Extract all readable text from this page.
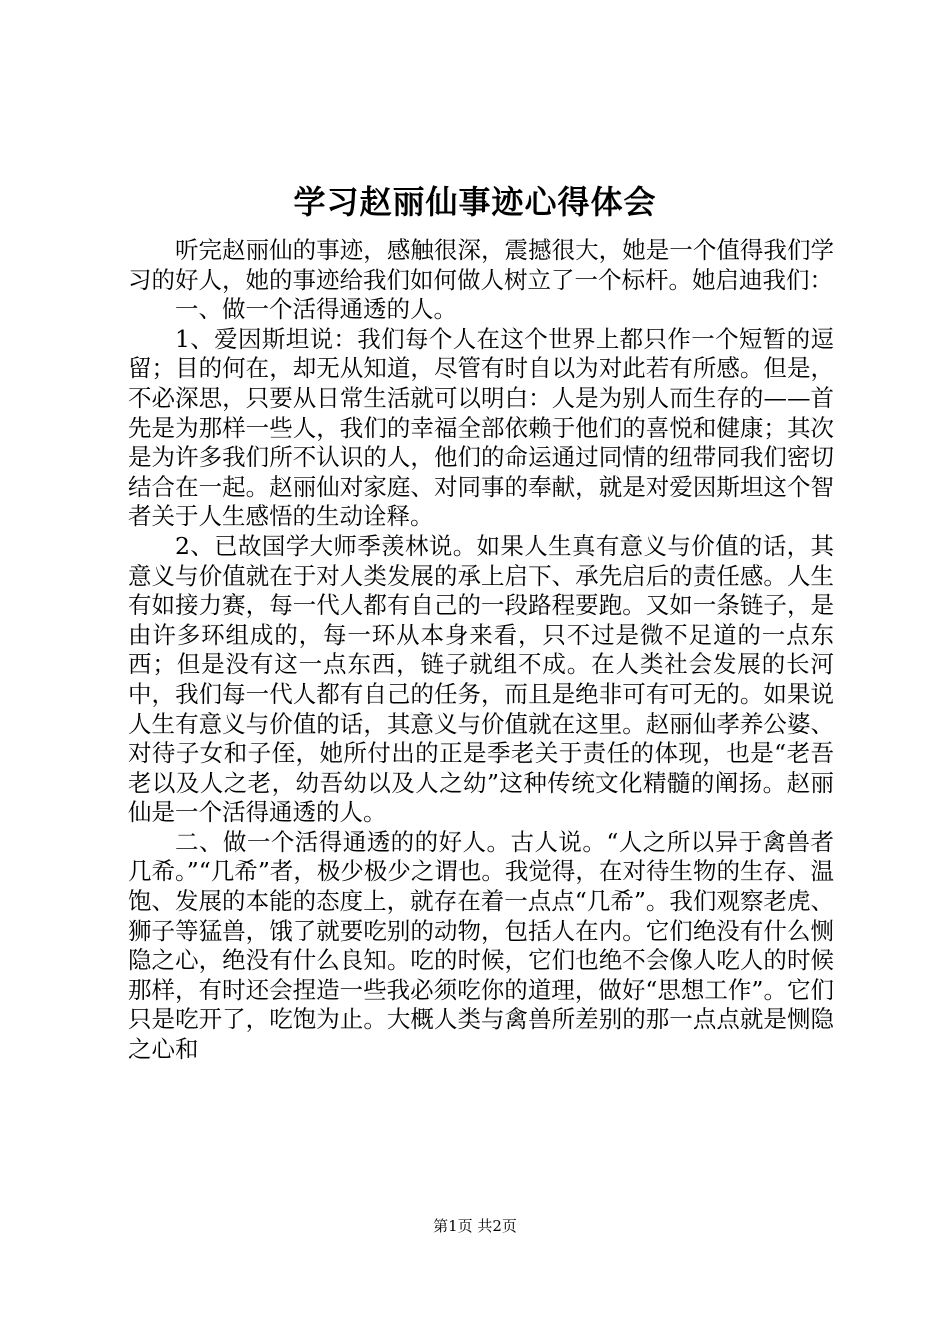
学习赵丽仙事迹心得体会

听完赵丽仙的事迹，感触很深，震撼很大，她是一个值得我们学习的好人，她的事迹给我们如何做人树立了一个标杆。她启迪我们：

一、做一个活得通透的人。

1、爱因斯坦说：我们每个人在这个世界上都只作一个短暂的逗留；目的何在，却无从知道，尽管有时自以为对此若有所感。但是，不必深思，只要从日常生活就可以明白：人是为别人而生存的——首先是为那样一些人，我们的幸福全部依赖于他们的喜悦和健康；其次是为许多我们所不认识的人，他们的命运通过同情的纽带同我们密切结合在一起。赵丽仙对家庭、对同事的奉献，就是对爱因斯坦这个智者关于人生感悟的生动诠释。

2、已故国学大师季羡林说。如果人生真有意义与价值的话，其意义与价值就在于对人类发展的承上启下、承先启后的责任感。人生有如接力赛，每一代人都有自己的一段路程要跑。又如一条链子，是由许多环组成的，每一环从本身来看，只不过是微不足道的一点东西；但是没有这一点东西，链子就组不成。在人类社会发展的长河中，我们每一代人都有自己的任务，而且是绝非可有可无的。如果说人生有意义与价值的话，其意义与价值就在这里。赵丽仙孝养公婆、对待子女和子侄，她所付出的正是季老关于责任的体现，也是“老吾老以及人之老，幼吾幼以及人之幼”这种传统文化精髓的阐扬。赵丽仙是一个活得通透的人。

二、做一个活得通透的的好人。古人说。“人之所以异于禽兽者几希。”“几希”者，极少极少之谓也。我觉得，在对待生物的生存、温饱、发展的本能的态度上，就存在着一点点“几希”。我们观察老虎、狮子等猛兽，饿了就要吃别的动物，包括人在内。它们绝没有什么恻隐之心，绝没有什么良知。吃的时候，它们也绝不会像人吃人的时候那样，有时还会捏造一些我必须吃你的道理，做好“思想工作”。它们只是吃开了，吃饱为止。大概人类与禽兽所差别的那一点点就是恻隐之心和

第1页 共2页
